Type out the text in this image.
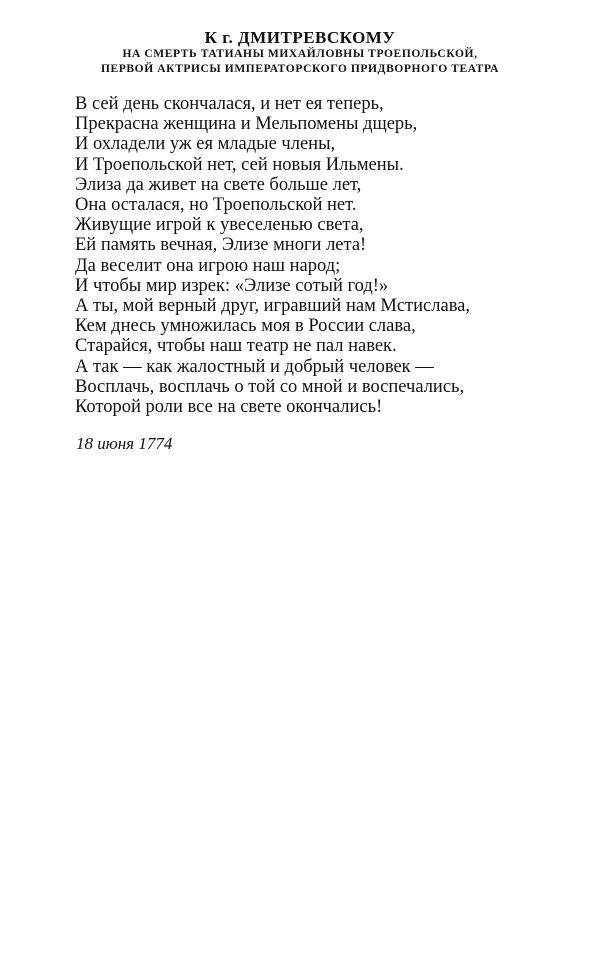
К г. ДМИТРЕВСКОМУ
НА СМЕРТЬ ТАТИАНЫ МИХАЙЛОВНЫ ТРОЕПОЛЬСКОЙ,
ПЕРВОЙ АКТРИСЫ ИМПЕРАТОРСКОГО ПРИДВОРНОГО ТЕАТРА
В сей день скончалася, и нет ея теперь,
Прекрасна женщина и Мельпомены дщерь,
И охладели уж ея младые члены,
И Троепольской нет, сей новыя Ильмены.
Элиза да живет на свете больше лет,
Она осталася, но Троепольской нет.
Живущие игрой к увеселенью света,
Ей память вечная, Элизе многи лета!
Да веселит она игрою наш народ;
И чтобы мир изрек: «Элизе сотый год!»
А ты, мой верный друг, игравший нам Мстислава,
Кем днесь умножилась моя в России слава,
Старайся, чтобы наш театр не пал навек.
А так — как жалостный и добрый человек —
Восплачь, восплачь о той со мной и воспечались,
Которой роли все на свете окончались!
18 июня 1774
